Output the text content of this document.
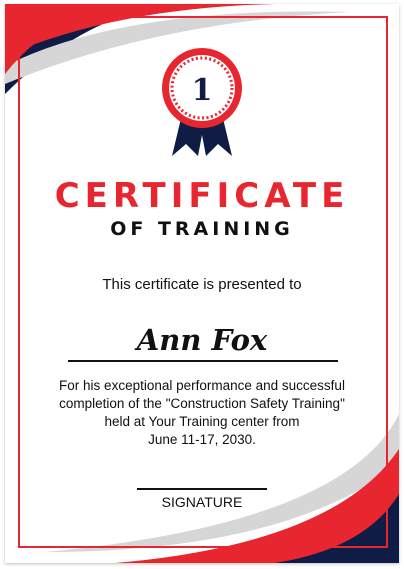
1
CERTIFICATE
OF TRAINING
This certificate is presented to
Ann Fox
For his exceptional performance and successful
completion of the "Construction Safety Training"
held at Your Training center from
June 11-17, 2030.
SIGNATURE
